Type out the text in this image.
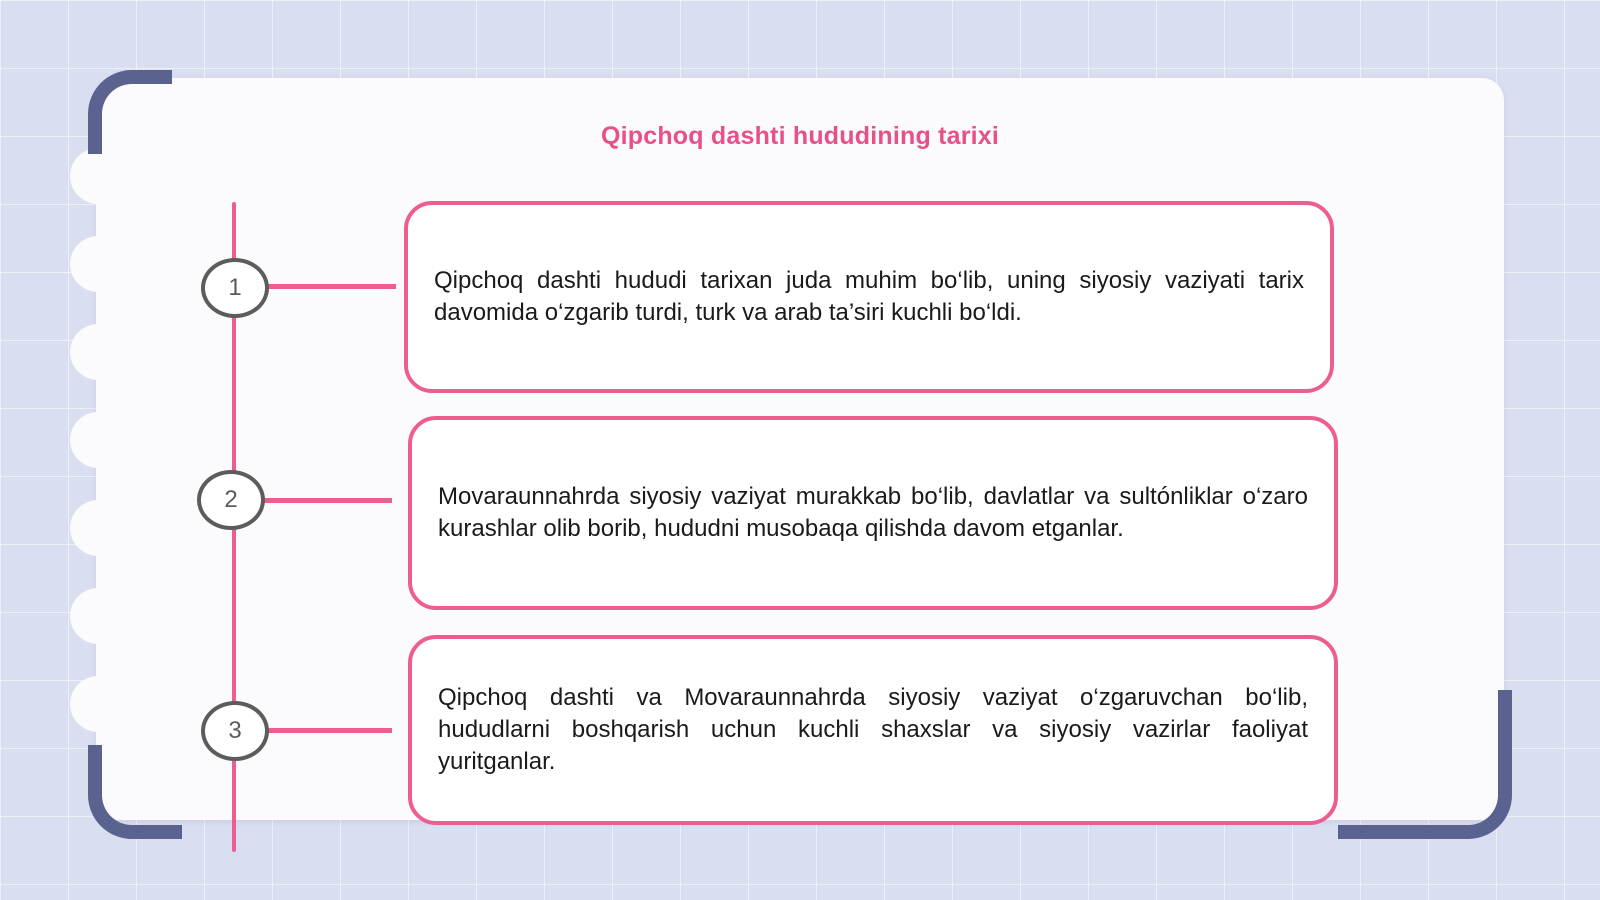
Qipchoq dashti hududining tarixi
1	Qipchoq dashti hududi tarixan juda muhim bo‘lib, uning siyosiy vaziyati tarix davomida o‘zgarib turdi, turk va arab ta’siri kuchli bo‘ldi.
2	Movaraunnahrda siyosiy vaziyat murakkab bo‘lib, davlatlar va sultónliklar o‘zaro kurashlar olib borib, hududni musobaqa qilishda davom etganlar.
3
Qipchoq dashti va Movaraunnahrda siyosiy vaziyat o‘zgaruvchan bo‘lib, hududlarni boshqarish uchun kuchli shaxslar va siyosiy vazirlar faoliyat yuritganlar.
